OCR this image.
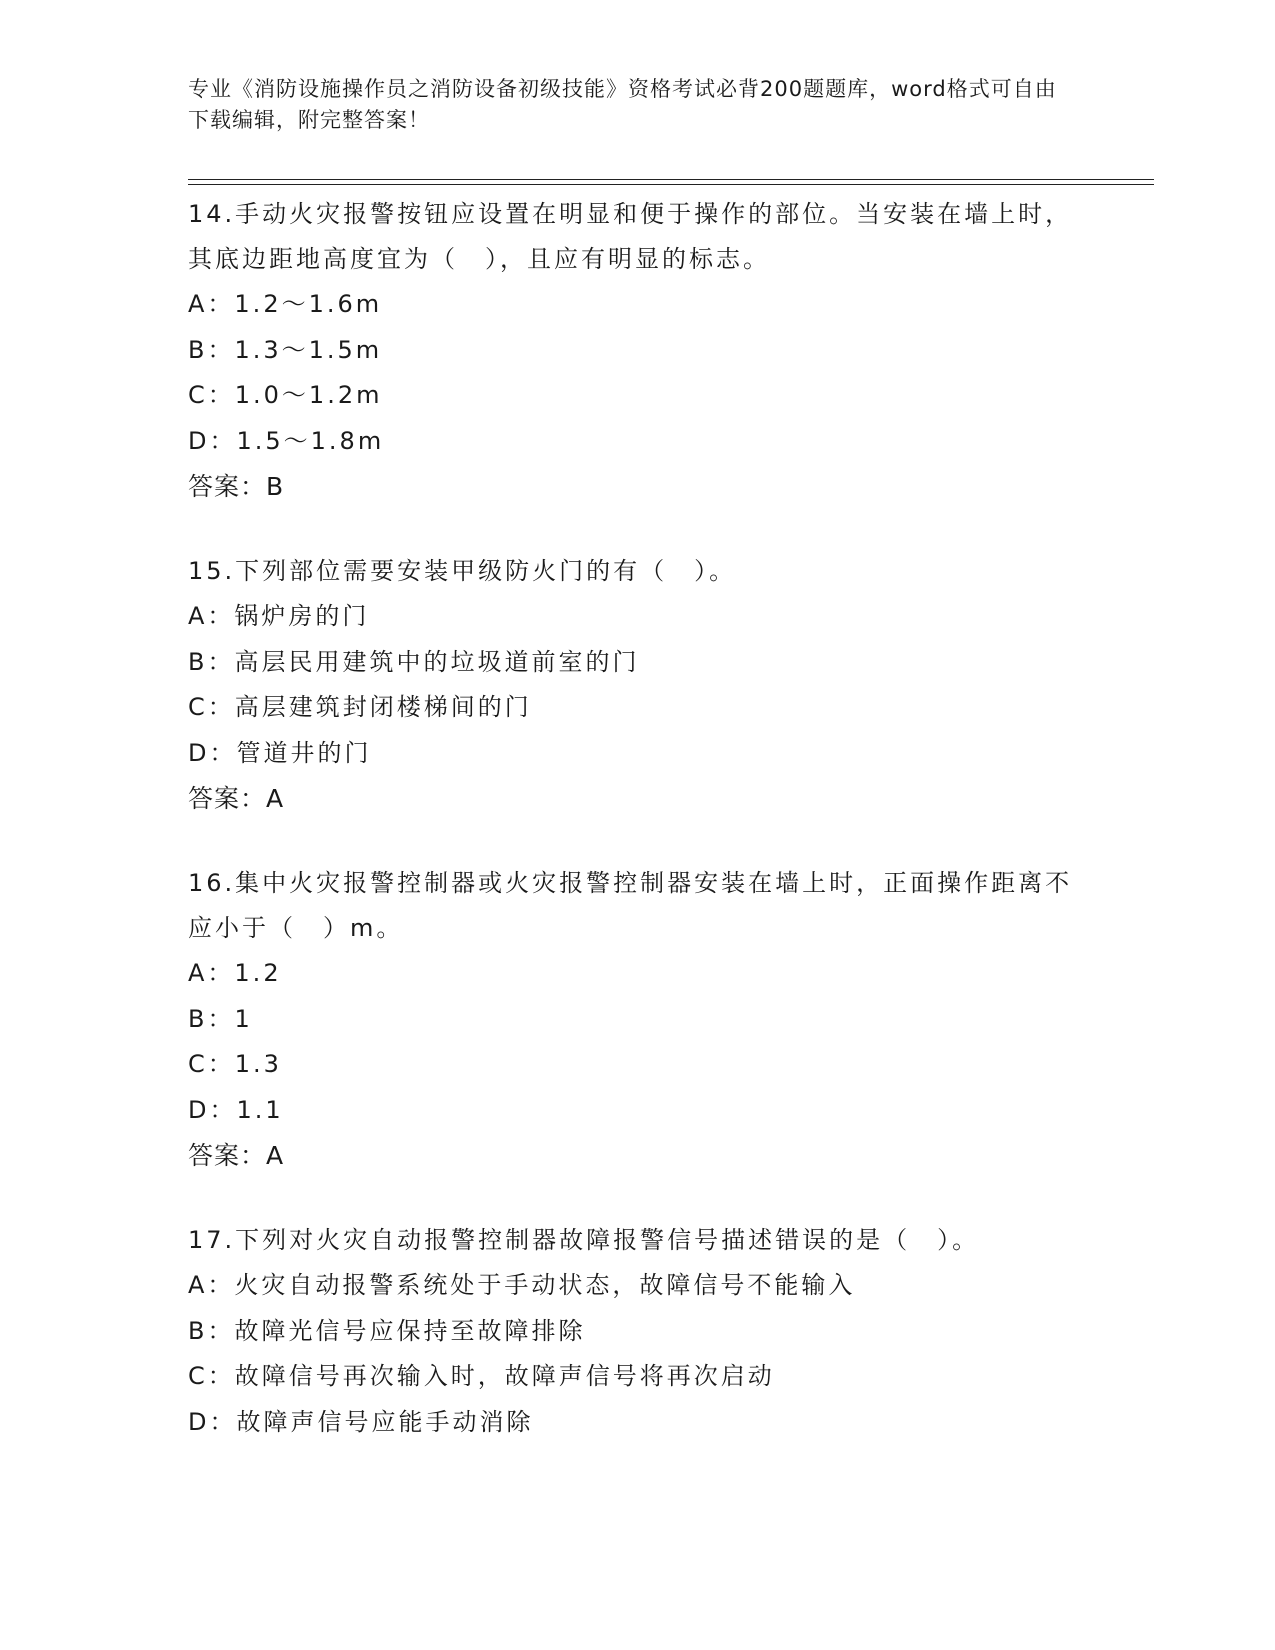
专业《消防设施操作员之消防设备初级技能》资格考试必背200题题库，word格式可自由下载编辑，附完整答案！

14.手动火灾报警按钮应设置在明显和便于操作的部位。当安装在墙上时，其底边距地高度宜为（　），且应有明显的标志。

A：1.2～1.6m

B：1.3～1.5m

C：1.0～1.2m

D：1.5～1.8m

答案：B

15.下列部位需要安装甲级防火门的有（　）。

A：锅炉房的门

B：高层民用建筑中的垃圾道前室的门

C：高层建筑封闭楼梯间的门

D：管道井的门

答案：A

16.集中火灾报警控制器或火灾报警控制器安装在墙上时，正面操作距离不应小于（　）m。

A：1.2

B：1

C：1.3

D：1.1

答案：A

17.下列对火灾自动报警控制器故障报警信号描述错误的是（　）。

A：火灾自动报警系统处于手动状态，故障信号不能输入

B：故障光信号应保持至故障排除

C：故障信号再次输入时，故障声信号将再次启动

D：故障声信号应能手动消除
